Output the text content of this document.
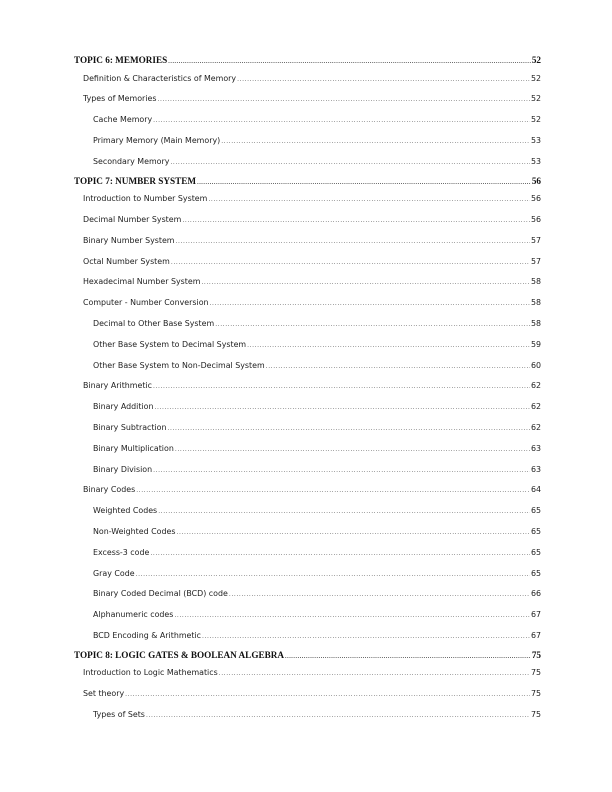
TOPIC 6: MEMORIES .....	52
Definition & Characteristics of Memory .....	52
Types of Memories .....	52
Cache Memory .....	52
Primary Memory (Main Memory) .....	53
Secondary Memory .....	53
TOPIC 7: NUMBER SYSTEM .....	56
Introduction to Number System .....	56
Decimal Number System .....	56
Binary Number System .....	57
Octal Number System .....	57
Hexadecimal Number System .....	58
Computer - Number Conversion .....	58
Decimal to Other Base System .....	58
Other Base System to Decimal System .....	59
Other Base System to Non-Decimal System .....	60
Binary Arithmetic .....	62
Binary Addition .....	62
Binary Subtraction .....	62
Binary Multiplication .....	63
Binary Division .....	63
Binary Codes .....	64
Weighted Codes .....	65
Non-Weighted Codes .....	65
Excess-3 code .....	65
Gray Code .....	65
Binary Coded Decimal (BCD) code .....	66
Alphanumeric codes .....	67
BCD Encoding & Arithmetic .....	67
TOPIC 8: LOGIC GATES & BOOLEAN ALGEBRA .....	75
Introduction to Logic Mathematics .....	75
Set theory .....	75
Types of Sets .....	75
